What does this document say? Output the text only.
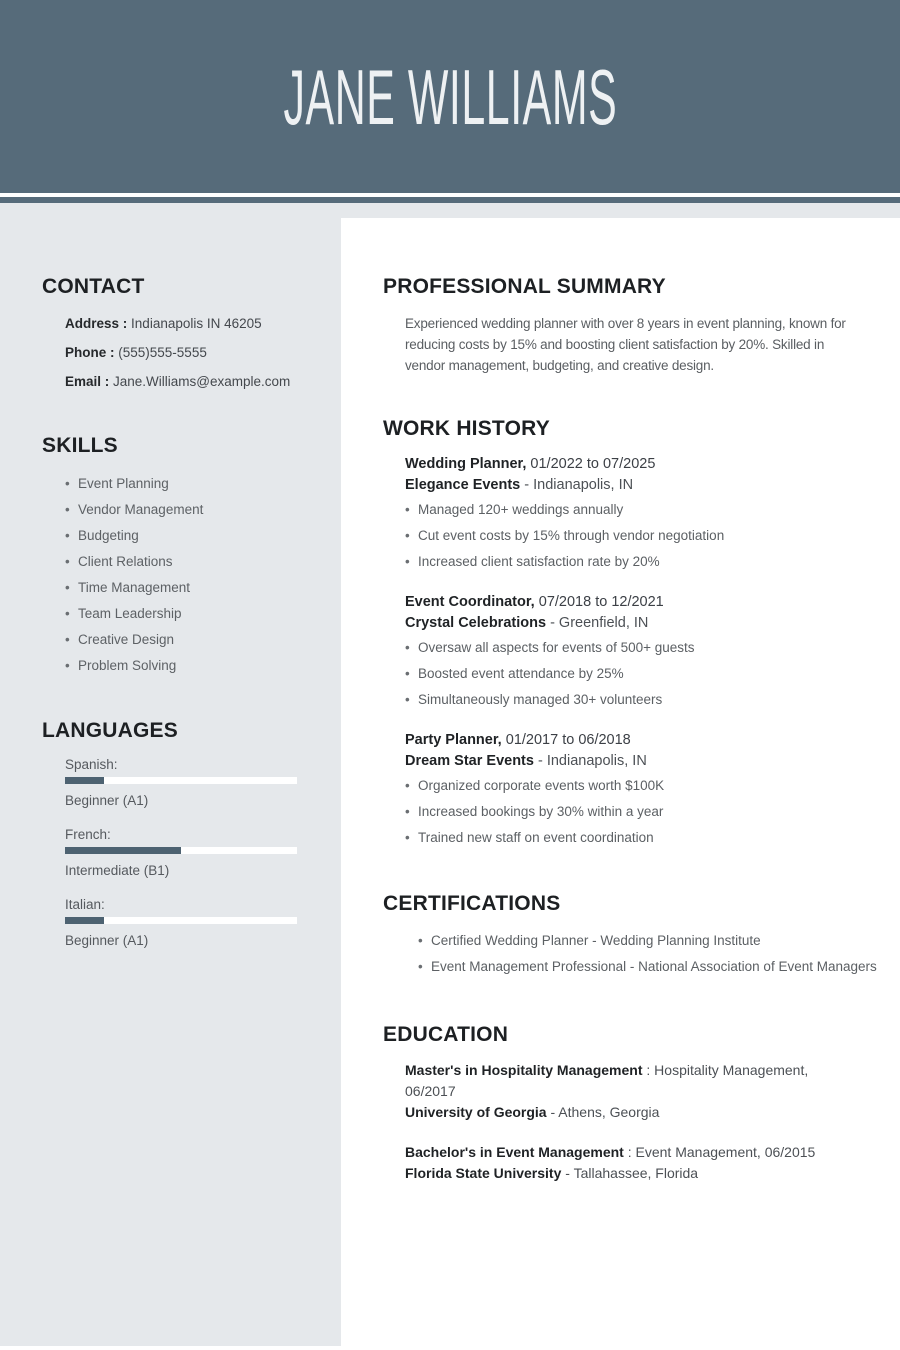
JANE WILLIAMS
CONTACT
Address : Indianapolis IN 46205
Phone : (555)555-5555
Email : Jane.Williams@example.com
SKILLS
• Event Planning
• Vendor Management
• Budgeting
• Client Relations
• Time Management
• Team Leadership
• Creative Design
• Problem Solving
LANGUAGES
Spanish:
Beginner (A1)
French:
Intermediate (B1)
Italian:
Beginner (A1)
PROFESSIONAL SUMMARY

Experienced wedding planner with over 8 years in event planning, known for reducing costs by 15% and boosting client satisfaction by 20%. Skilled in vendor management, budgeting, and creative design.

WORK HISTORY
Wedding Planner, 01/2022 to 07/2025
Elegance Events - Indianapolis, IN
• Managed 120+ weddings annually
• Cut event costs by 15% through vendor negotiation
• Increased client satisfaction rate by 20%
Event Coordinator, 07/2018 to 12/2021
Crystal Celebrations - Greenfield, IN
• Oversaw all aspects for events of 500+ guests
• Boosted event attendance by 25%
• Simultaneously managed 30+ volunteers
Party Planner, 01/2017 to 06/2018
Dream Star Events - Indianapolis, IN
• Organized corporate events worth $100K
• Increased bookings by 30% within a year
• Trained new staff on event coordination
CERTIFICATIONS
• Certified Wedding Planner - Wedding Planning Institute
• Event Management Professional - National Association of Event Managers
EDUCATION
Master's in Hospitality Management : Hospitality Management, 06/2017
University of Georgia - Athens, Georgia
Bachelor's in Event Management : Event Management, 06/2015
Florida State University - Tallahassee, Florida
